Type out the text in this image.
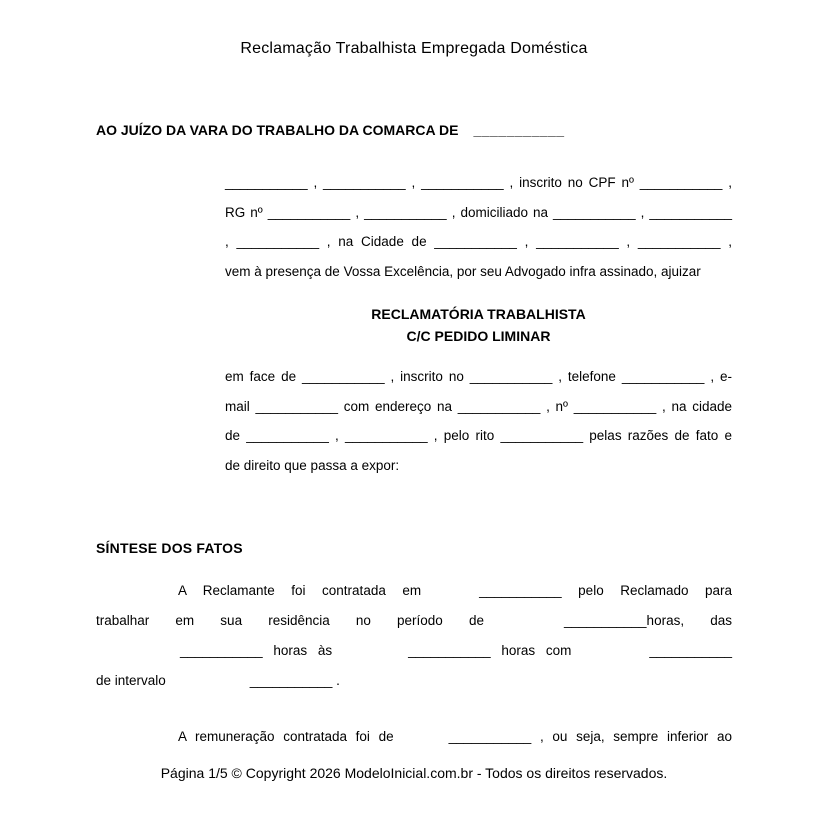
Reclamação Trabalhista Empregada Doméstica
AO JUÍZO DA VARA DO TRABALHO DA COMARCA DE ___________
___________ , ___________ , ___________ , inscrito no CPF nº ___________ ,
RG nº ___________ , ___________ , domiciliado na ___________ , ___________
, ___________ , na Cidade de ___________ , ___________ , ___________ ,
vem à presença de Vossa Excelência, por seu Advogado infra assinado, ajuizar
RECLAMATÓRIA TRABALHISTA
C/C PEDIDO LIMINAR
em face de ___________ , inscrito no ___________ , telefone ___________ , e-
mail ___________ com endereço na ___________ , nº ___________ , na cidade
de ___________ , ___________ , pelo rito ___________ pelas razões de fato e
de direito que passa a expor:
SÍNTESE DOS FATOS
A Reclamante foi contratada em	___________ pelo Reclamado para
trabalhar em sua residência no período de	___________horas, das
___________ horas às	___________ horas com	___________
de intervalo	___________ .
A remuneração contratada foi de	___________ , ou seja, sempre inferior ao
Página 1/5 © Copyright 2026 ModeloInicial.com.br - Todos os direitos reservados.
